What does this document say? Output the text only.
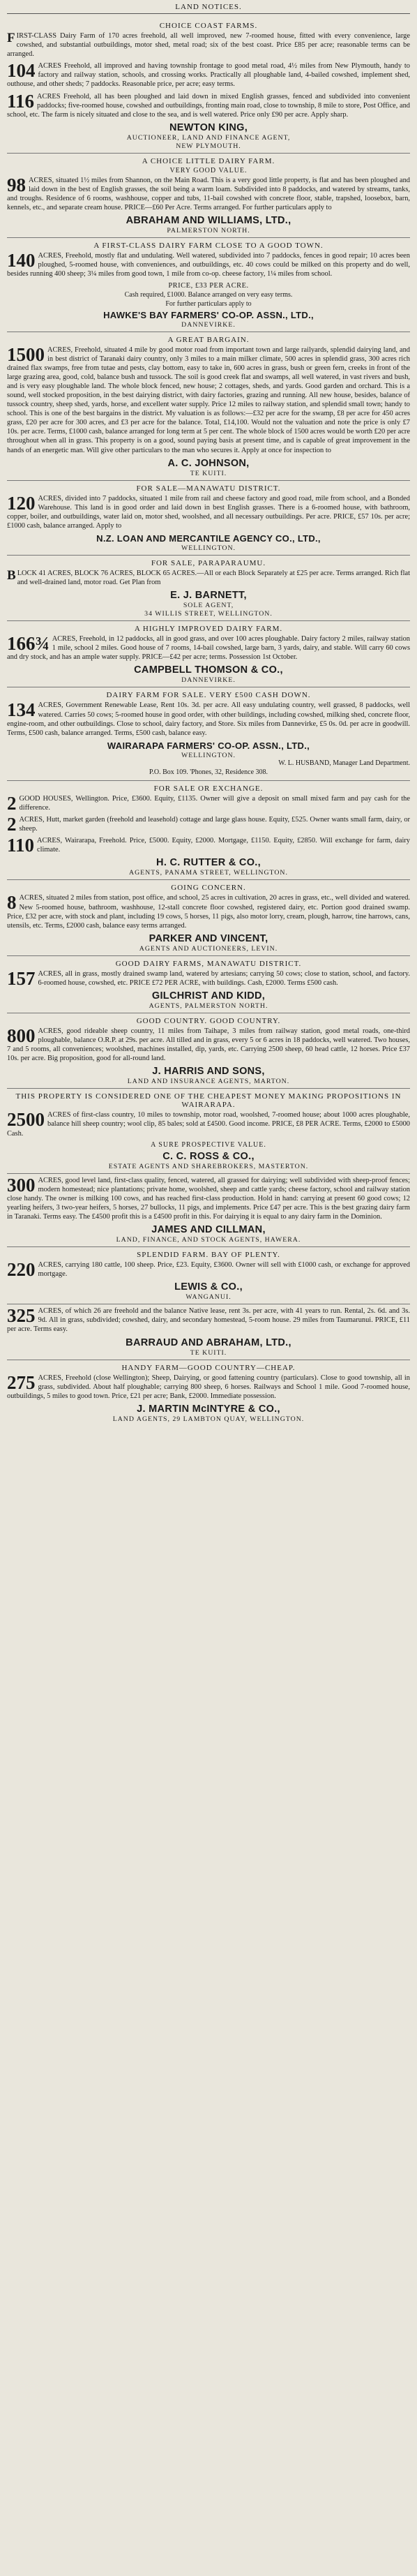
LAND NOTICES.
CHOICE COAST FARMS.
F IRST-CLASS Dairy Farm of 170 acres freehold, all well improved, new 7-roomed house, fitted with every convenience, large cowshed, and substantial outbuildings, motor shed, metal road; six of the best coast. Price £85 per acre; reasonable terms can be arranged.
104 ACRES Freehold, all improved and having township frontage to good metal road, 4½ miles from New Plymouth, handy to factory and railway station, schools, and crossing works. Practically all ploughable land, 4-bailed cowshed, implement shed, outhouse, and other sheds; 7 paddocks. Reasonable price, per acre; easy terms.
116 ACRES Freehold, all has been ploughed and laid down in mixed English grasses, fenced and subdivided into convenient paddocks; five-roomed house, cowshed and outbuildings, fronting main road, close to township, 8 mile to store, Post Office, and school, etc. The farm is nicely situated and close to the sea, and is well watered. Price only £90 per acre. Apply sharp.
NEWTON KING,
AUCTIONEER, LAND AND FINANCE AGENT,
NEW PLYMOUTH.
A CHOICE LITTLE DAIRY FARM.
VERY GOOD VALUE.
98 ACRES, situated 1½ miles from Shannon, on the Main Road. This is a very good little property, is flat and has been ploughed and laid down in the best of English grasses, the soil being a warm loam. Subdivided into 8 paddocks, and watered by streams, tanks, and troughs. Residence of 6 rooms, washhouse, copper and tubs, 11-bail cowshed with concrete floor, stable, trapshed, loosebox, barn, kennels, etc., and separate cream house. PRICE—£60 Per Acre. Terms arranged. For further particulars apply to
ABRAHAM AND WILLIAMS, LTD.,
PALMERSTON NORTH.
A FIRST-CLASS DAIRY FARM CLOSE TO A GOOD TOWN.
140 ACRES, Freehold, mostly flat and undulating. Well watered, subdivided into 7 paddocks, fences in good repair; 10 acres been ploughed, 5-roomed house, with conveniences, and outbuildings, etc. 40 cows could be milked on this property and do well, besides running 400 sheep; 3¼ miles from good town, 1 mile from co-op. cheese factory, 1¼ miles from school.
PRICE, £33 PER ACRE.
Cash required, £1000. Balance arranged on very easy terms.
For further particulars apply to
HAWKE'S BAY FARMERS' CO-OP. ASSN., LTD.,
DANNEVIRKE.
A GREAT BARGAIN.
1500 ACRES, Freehold, situated 4 mile by good motor road from important town and large railyards, splendid dairying land, and in best district of Taranaki dairy country, only 3 miles to a main milker climate, 500 acres in splendid grass, 300 acres rich drained flax swamps, free from tutae and pests, clay bottom, easy to take in, 600 acres in grass, bush or green fern, creeks in front of the large grazing area, good, cold, balance bush and tussock. The soil is good creek flat and swamps, all well watered, in vast rivers and bush, and is very easy ploughable land. The whole block fenced, new house; 2 cottages, sheds, and yards. Good garden and orchard. This is a sound, well stocked proposition, in the best dairying district, with dairy factories, grazing and running. All new house, besides, balance of tussock country, sheep shed, yards, horse, and excellent water supply. Price 12 miles to railway station, and splendid small town; handy to school. This is one of the best bargains in the district. My valuation is as follows:—£32 per acre for the swamp, £8 per acre for 450 acres grass, £20 per acre for 300 acres, and £3 per acre for the balance. Total, £14,100. Would not the valuation and note the price is only £7 10s. per acre. Terms, £1000 cash, balance arranged for long term at 5 per cent. The whole block of 1500 acres would be worth £20 per acre throughout when all in grass. This property is on a good, sound paying basis at present time, and is capable of great improvement in the hands of an energetic man. Will give other particulars to the man who secures it. Apply at once for inspection to
A. C. JOHNSON,
TE KUITI.
FOR SALE—MANAWATU DISTRICT.
120 ACRES, divided into 7 paddocks, situated 1 mile from rail and cheese factory and good road, mile from school, and a Bonded Warehouse. This land is in good order and laid down in best English grasses. There is a 6-roomed house, with bathroom, copper, boiler, and outbuildings, water laid on, motor shed, woolshed, and all necessary outbuildings. Per acre. PRICE, £57 10s. per acre; £1000 cash, balance arranged. Apply to
N.Z. LOAN AND MERCANTILE AGENCY CO., LTD.,
WELLINGTON.
FOR SALE, PARAPARAUMU.
B LOCK 41 ACRES, BLOCK 76 ACRES, BLOCK 65 ACRES.—All or each Block Separately at £25 per acre. Terms arranged. Rich flat and well-drained land, motor road. Get Plan from
E. J. BARNETT,
SOLE AGENT,
34 WILLIS STREET, WELLINGTON.
A HIGHLY IMPROVED DAIRY FARM.
166¾ ACRES, Freehold, in 12 paddocks, all in good grass, and over 100 acres ploughable. Dairy factory 2 miles, railway station 1 mile, school 2 miles. Good house of 7 rooms, 14-bail cowshed, large barn, 3 yards, dairy, and stable. Will carry 60 cows and dry stock, and has an ample water supply. PRICE—£42 per acre; terms. Possession 1st October.
CAMPBELL THOMSON & CO.,
DANNEVIRKE.
DAIRY FARM FOR SALE. VERY £500 CASH DOWN.
134 ACRES, Government Renewable Lease, Rent 10s. 3d. per acre. All easy undulating country, well grassed, 8 paddocks, well watered. Carries 50 cows; 5-roomed house in good order, with other buildings, including cowshed, milking shed, concrete floor, engine-room, and other outbuildings. Close to school, dairy factory, and Store. Six miles from Dannevirke, £5 0s. 0d. per acre in goodwill. Terms, £500 cash, balance arranged. Terms, £500 cash, balance easy.
WAIRARAPA FARMERS' CO-OP. ASSN., LTD.,
WELLINGTON.
W. L. HUSBAND, Manager Land Department.
P.O. Box 109. 'Phones, 32, Residence 308.
FOR SALE OR EXCHANGE.
2 GOOD HOUSES, Wellington. Price, £3600. Equity, £1135. Owner will give a deposit on small mixed farm and pay cash for the difference.
2 ACRES, Hutt, market garden (freehold and leasehold) cottage and large glass house. Equity, £525. Owner wants small farm, dairy, or sheep.
110 ACRES, Wairarapa, Freehold. Price, £5000. Equity, £2000. Mortgage, £1150. Equity, £2850. Will exchange for farm, dairy climate.
H. C. RUTTER & CO.,
AGENTS, PANAMA STREET, WELLINGTON.
GOING CONCERN.
8 ACRES, situated 2 miles from station, post office, and school, 25 acres in cultivation, 20 acres in grass, etc., well divided and watered. New 5-roomed house, bathroom, washhouse, 12-stall concrete floor cowshed, registered dairy, etc. Portion good drained swamp. Price, £32 per acre, with stock and plant, including 19 cows, 5 horses, 11 pigs, also motor lorry, cream, plough, harrow, tine harrows, cans, utensils, etc. Terms, £2000 cash, balance easy terms arranged.
PARKER AND VINCENT,
AGENTS AND AUCTIONEERS, LEVIN.
GOOD DAIRY FARMS, MANAWATU DISTRICT.
157 ACRES, all in grass, mostly drained swamp land, watered by artesians; carrying 50 cows; close to station, school, and factory. 6-roomed house, cowshed, etc. PRICE £72 PER ACRE, with buildings. Cash, £2000. Terms £500 cash.
GILCHRIST AND KIDD,
AGENTS, PALMERSTON NORTH.
GOOD COUNTRY. GOOD COUNTRY.
800 ACRES, good rideable sheep country, 11 miles from Taihape, 3 miles from railway station, good metal roads, one-third ploughable, balance O.R.P. at 29s. per acre. All tilled and in grass, every 5 or 6 acres in 18 paddocks, well watered. Two houses, 7 and 5 rooms, all conveniences; woolshed, machines installed, dip, yards, etc. Carrying 2500 sheep, 60 head cattle, 12 horses. Price £37 10s. per acre. Big proposition, good for all-round land.
J. HARRIS AND SONS,
LAND AND INSURANCE AGENTS, MARTON.
THIS PROPERTY IS CONSIDERED ONE OF THE CHEAPEST MONEY MAKING PROPOSITIONS IN WAIRARAPA.
2500 ACRES of first-class country, 10 miles to township, motor road, woolshed, 7-roomed house; about 1000 acres ploughable, balance hill sheep country; wool clip, 85 bales; sold at £4500. Good income. PRICE, £8 PER ACRE. Terms, £2000 to £5000 Cash.
A SURE PROSPECTIVE VALUE.
C. C. ROSS & CO.,
ESTATE AGENTS AND SHAREBROKERS, MASTERTON.
300 ACRES, good level land, first-class quality, fenced, watered, all grassed for dairying; well subdivided with sheep-proof fences; modern homestead; nice plantations; private home, woolshed, sheep and cattle yards; cheese factory, school and railway station close handy. The owner is milking 100 cows, and has reached first-class production. Hold in hand: carrying at present 60 good cows; 12 yearling heifers, 3 two-year heifers, 5 horses, 27 bullocks, 11 pigs, and implements. Price £47 per acre. This is the best grazing dairy farm in Taranaki. Terms easy. The £4500 profit this is a £4500 profit in this. For dairying it is equal to any dairy farm in the Dominion.
JAMES AND CILLMAN,
LAND, FINANCE, AND STOCK AGENTS, HAWERA.
SPLENDID FARM. BAY OF PLENTY.
220 ACRES, carrying 180 cattle, 100 sheep. Price, £23. Equity, £3600. Owner will sell with £1000 cash, or exchange for approved mortgage.
LEWIS & CO.,
WANGANUI.
325 ACRES, of which 26 are freehold and the balance Native lease, rent 3s. per acre, with 41 years to run. Rental, 2s. 6d. and 3s. 9d. All in grass, subdivided; cowshed, dairy, and secondary homestead, 5-room house. 29 miles from Taumarunui. PRICE, £11 per acre. Terms easy.
BARRAUD AND ABRAHAM, LTD.,
TE KUITI.
HANDY FARM—GOOD COUNTRY—CHEAP.
275 ACRES, Freehold (close Wellington); Sheep, Dairying, or good fattening country (particulars). Close to good township, all in grass, subdivided. About half ploughable; carrying 800 sheep, 6 horses. Railways and School 1 mile. Good 7-roomed house, outbuildings, 5 miles to good town. Price, £21 per acre; Bank, £2000. Immediate possession.
J. MARTIN McINTYRE & CO.,
LAND AGENTS, 29 LAMBTON QUAY, WELLINGTON.
